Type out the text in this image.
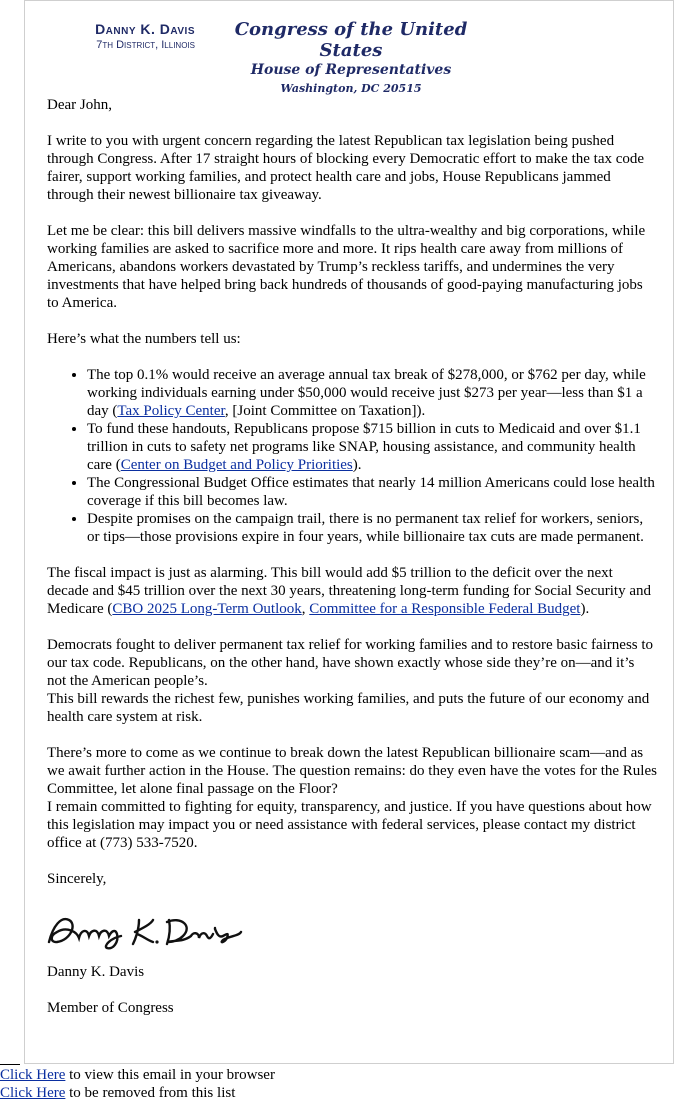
Danny K. Davis
7th District, Illinois
Congress of the United States
House of Representatives
Washington, DC 20515

Dear John,

I write to you with urgent concern regarding the latest Republican tax legislation being pushed through Congress. After 17 straight hours of blocking every Democratic effort to make the tax code fairer, support working families, and protect health care and jobs, House Republicans jammed through their newest billionaire tax giveaway.

Let me be clear: this bill delivers massive windfalls to the ultra-wealthy and big corporations, while working families are asked to sacrifice more and more. It rips health care away from millions of Americans, abandons workers devastated by Trump’s reckless tariffs, and undermines the very investments that have helped bring back hundreds of thousands of good-paying manufacturing jobs to America.

Here’s what the numbers tell us:

• The top 0.1% would receive an average annual tax break of $278,000, or $762 per day, while working individuals earning under $50,000 would receive just $273 per year—less than $1 a day (Tax Policy Center, [Joint Committee on Taxation]).
• To fund these handouts, Republicans propose $715 billion in cuts to Medicaid and over $1.1 trillion in cuts to safety net programs like SNAP, housing assistance, and community health care (Center on Budget and Policy Priorities).
• The Congressional Budget Office estimates that nearly 14 million Americans could lose health coverage if this bill becomes law.
• Despite promises on the campaign trail, there is no permanent tax relief for workers, seniors, or tips—those provisions expire in four years, while billionaire tax cuts are made permanent.

The fiscal impact is just as alarming. This bill would add $5 trillion to the deficit over the next decade and $45 trillion over the next 30 years, threatening long-term funding for Social Security and Medicare (CBO 2025 Long-Term Outlook, Committee for a Responsible Federal Budget).

Democrats fought to deliver permanent tax relief for working families and to restore basic fairness to our tax code. Republicans, on the other hand, have shown exactly whose side they’re on—and it’s not the American people’s.
This bill rewards the richest few, punishes working families, and puts the future of our economy and health care system at risk.

There’s more to come as we continue to break down the latest Republican billionaire scam—and as we await further action in the House. The question remains: do they even have the votes for the Rules Committee, let alone final passage on the Floor?
I remain committed to fighting for equity, transparency, and justice. If you have questions about how this legislation may impact you or need assistance with federal services, please contact my district office at (773) 533-7520.

Sincerely,

Danny K. Davis

Member of Congress

Click Here to view this email in your browser

Click Here to be removed from this list
